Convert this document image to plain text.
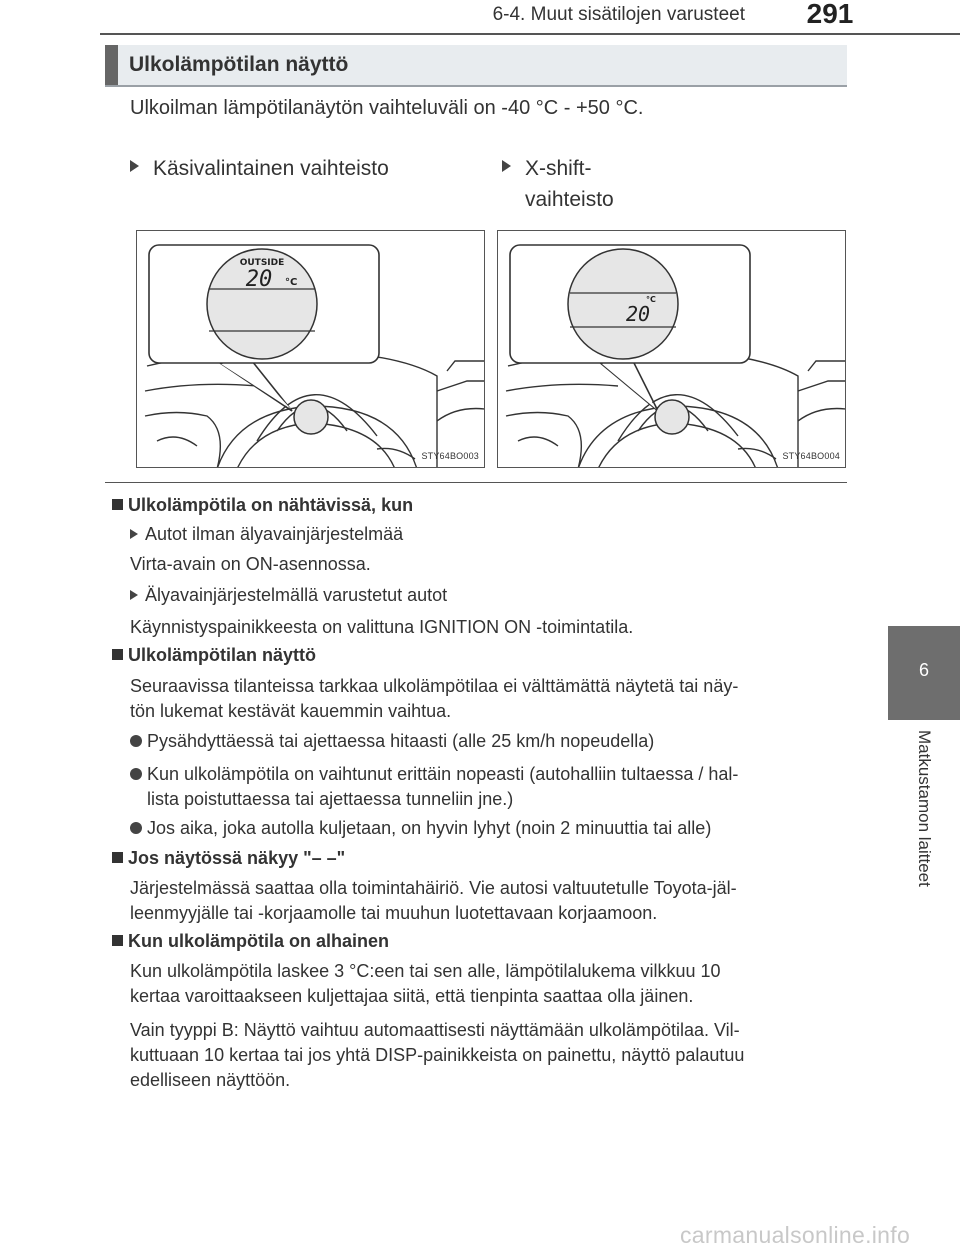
6-4. Muut sisätilojen varusteet	291
6
Matkustamon laitteet
Ulkolämpötilan näyttö
Ulkoilman lämpötilanäytön vaihteluväli on -40 °C - +50 °C.
Käsivalintainen vaihteisto	X-shift-
vaihteisto
OUTSIDE
20 °C
STY64BO003
20
°C
STY64BO004
Ulkolämpötila on nähtävissä, kun
Autot ilman älyavainjärjestelmää
Virta-avain on ON-asennossa.
Älyavainjärjestelmällä varustetut autot
Käynnistyspainikkeesta on valittuna IGNITION ON -toimintatila.
Ulkolämpötilan näyttö
Seuraavissa tilanteissa tarkkaa ulkolämpötilaa ei välttämättä näytetä tai näy-
tön lukemat kestävät kauemmin vaihtua.
Pysähdyttäessä tai ajettaessa hitaasti (alle 25 km/h nopeudella)
Kun ulkolämpötila on vaihtunut erittäin nopeasti (autohalliin tultaessa / hal-
lista poistuttaessa tai ajettaessa tunneliin jne.)
Jos aika, joka autolla kuljetaan, on hyvin lyhyt (noin 2 minuuttia tai alle)
Jos näytössä näkyy "– –"
Järjestelmässä saattaa olla toimintahäiriö. Vie autosi valtuutetulle Toyota-jäl-
leenmyyjälle tai -korjaamolle tai muuhun luotettavaan korjaamoon.
Kun ulkolämpötila on alhainen
Kun ulkolämpötila laskee 3 °C:een tai sen alle, lämpötilalukema vilkkuu 10
kertaa varoittaakseen kuljettajaa siitä, että tienpinta saattaa olla jäinen.
Vain tyyppi B: Näyttö vaihtuu automaattisesti näyttämään ulkolämpötilaa. Vil-
kuttuaan 10 kertaa tai jos yhtä DISP-painikkeista on painettu, näyttö palautuu
edelliseen näyttöön.
carmanualsonline.info
